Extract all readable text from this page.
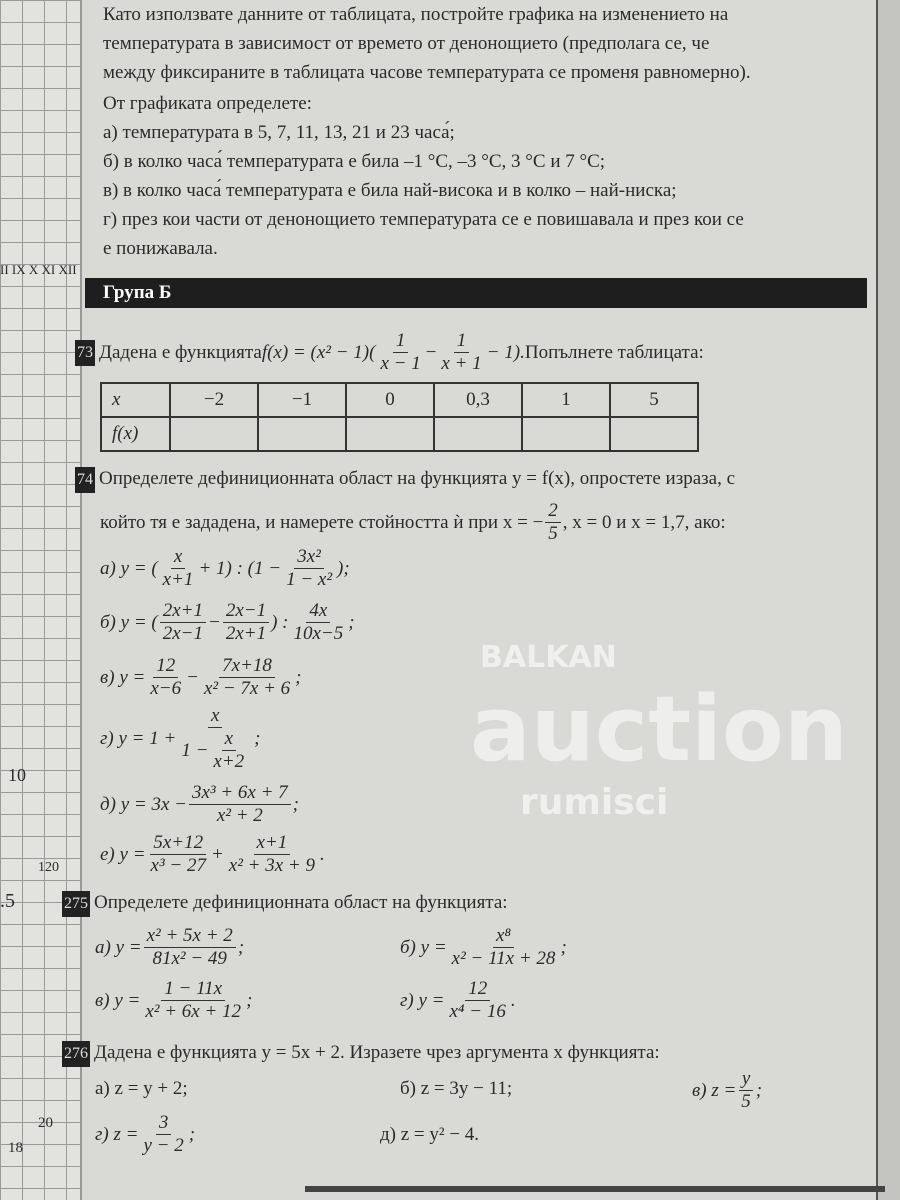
II IX X XI XII
10
.5
120
18
20
Като използвате данните от таблицата, постройте графика на изменението на
температурата в зависимост от времето от денонощието (предполага се, че
между фиксираните в таблицата часове температурата се променя равномерно).
От графиката определете:
а) температурата в 5, 7, 11, 13, 21 и 23 часа́;
б) в колко часа́ температурата е била –1 °C, –3 °C, 3 °C и 7 °C;
в) в колко часа́ температурата е била най-висока и в колко – най-ниска;
г) през кои части от денонощието температурата се е повишавала и през кои се
е понижавала.
Група Б
73 Дадена е функцията $f(x) = (x^2 - 1)( \frac{1}{x - 1} - \frac{1}{x + 1} - 1)$. Попълнете таблицата:
x	−2	−1	0	0,3	1	5
f(x)						
74 Определете дефиниционната област на функцията y = f(x), опростете израза, с
който тя е зададена, и намерете стойността ѝ при x = − $\frac{2}{5}$ , x = 0 и x = 1,7, ако:
а) y = ( $\frac{x}{x+1} + 1$) : ($1 - \frac{\text{3x²}}{\text{1 − x²}}$ );
б) y = ( $\frac{2x+1}{2x-1} - \frac{2x-1}{2x+1}$ ) : $\frac{4x}{10x-5}$ ;
в) $y = \frac{12}{x-6} - \frac{7x+18}{\text{x² − 7x + 6}}$ ;
г) $y = 1 + \frac{x}{1 - \frac{x}{x+2}}$ ;
д) $y = 3x - \frac{\text{3x³ + 6x + 7}}{\text{x² + 2}}$ ;
е) $y = \frac{5x+12}{\text{x³ − 27}} + \frac{x+1}{\text{x² + 3x + 9}}$ .
275 Определете дефиниционната област на функцията:
а) $y = \frac{\text{x² + 5x + 2}}{\text{81x² − 49}}$ ;	б) $y = \frac{\text{x⁸}}{\text{x² − 11x + 28}}$ ;
в) $y = \frac{1 - 11x}{\text{x² + 6x + 12}}$ ;	г) $y = \frac{12}{\text{x⁴ − 16}}$ .
276 Дадена е функцията y = 5x + 2. Изразете чрез аргумента x функцията:
а) z = y + 2;	б) z = 3y − 11;	в) $z = \frac{y}{5}$ ;
г) $z = \frac{3}{y - 2}$ ;	д) z = y² − 4.
BALKAN
auction
rumisci
